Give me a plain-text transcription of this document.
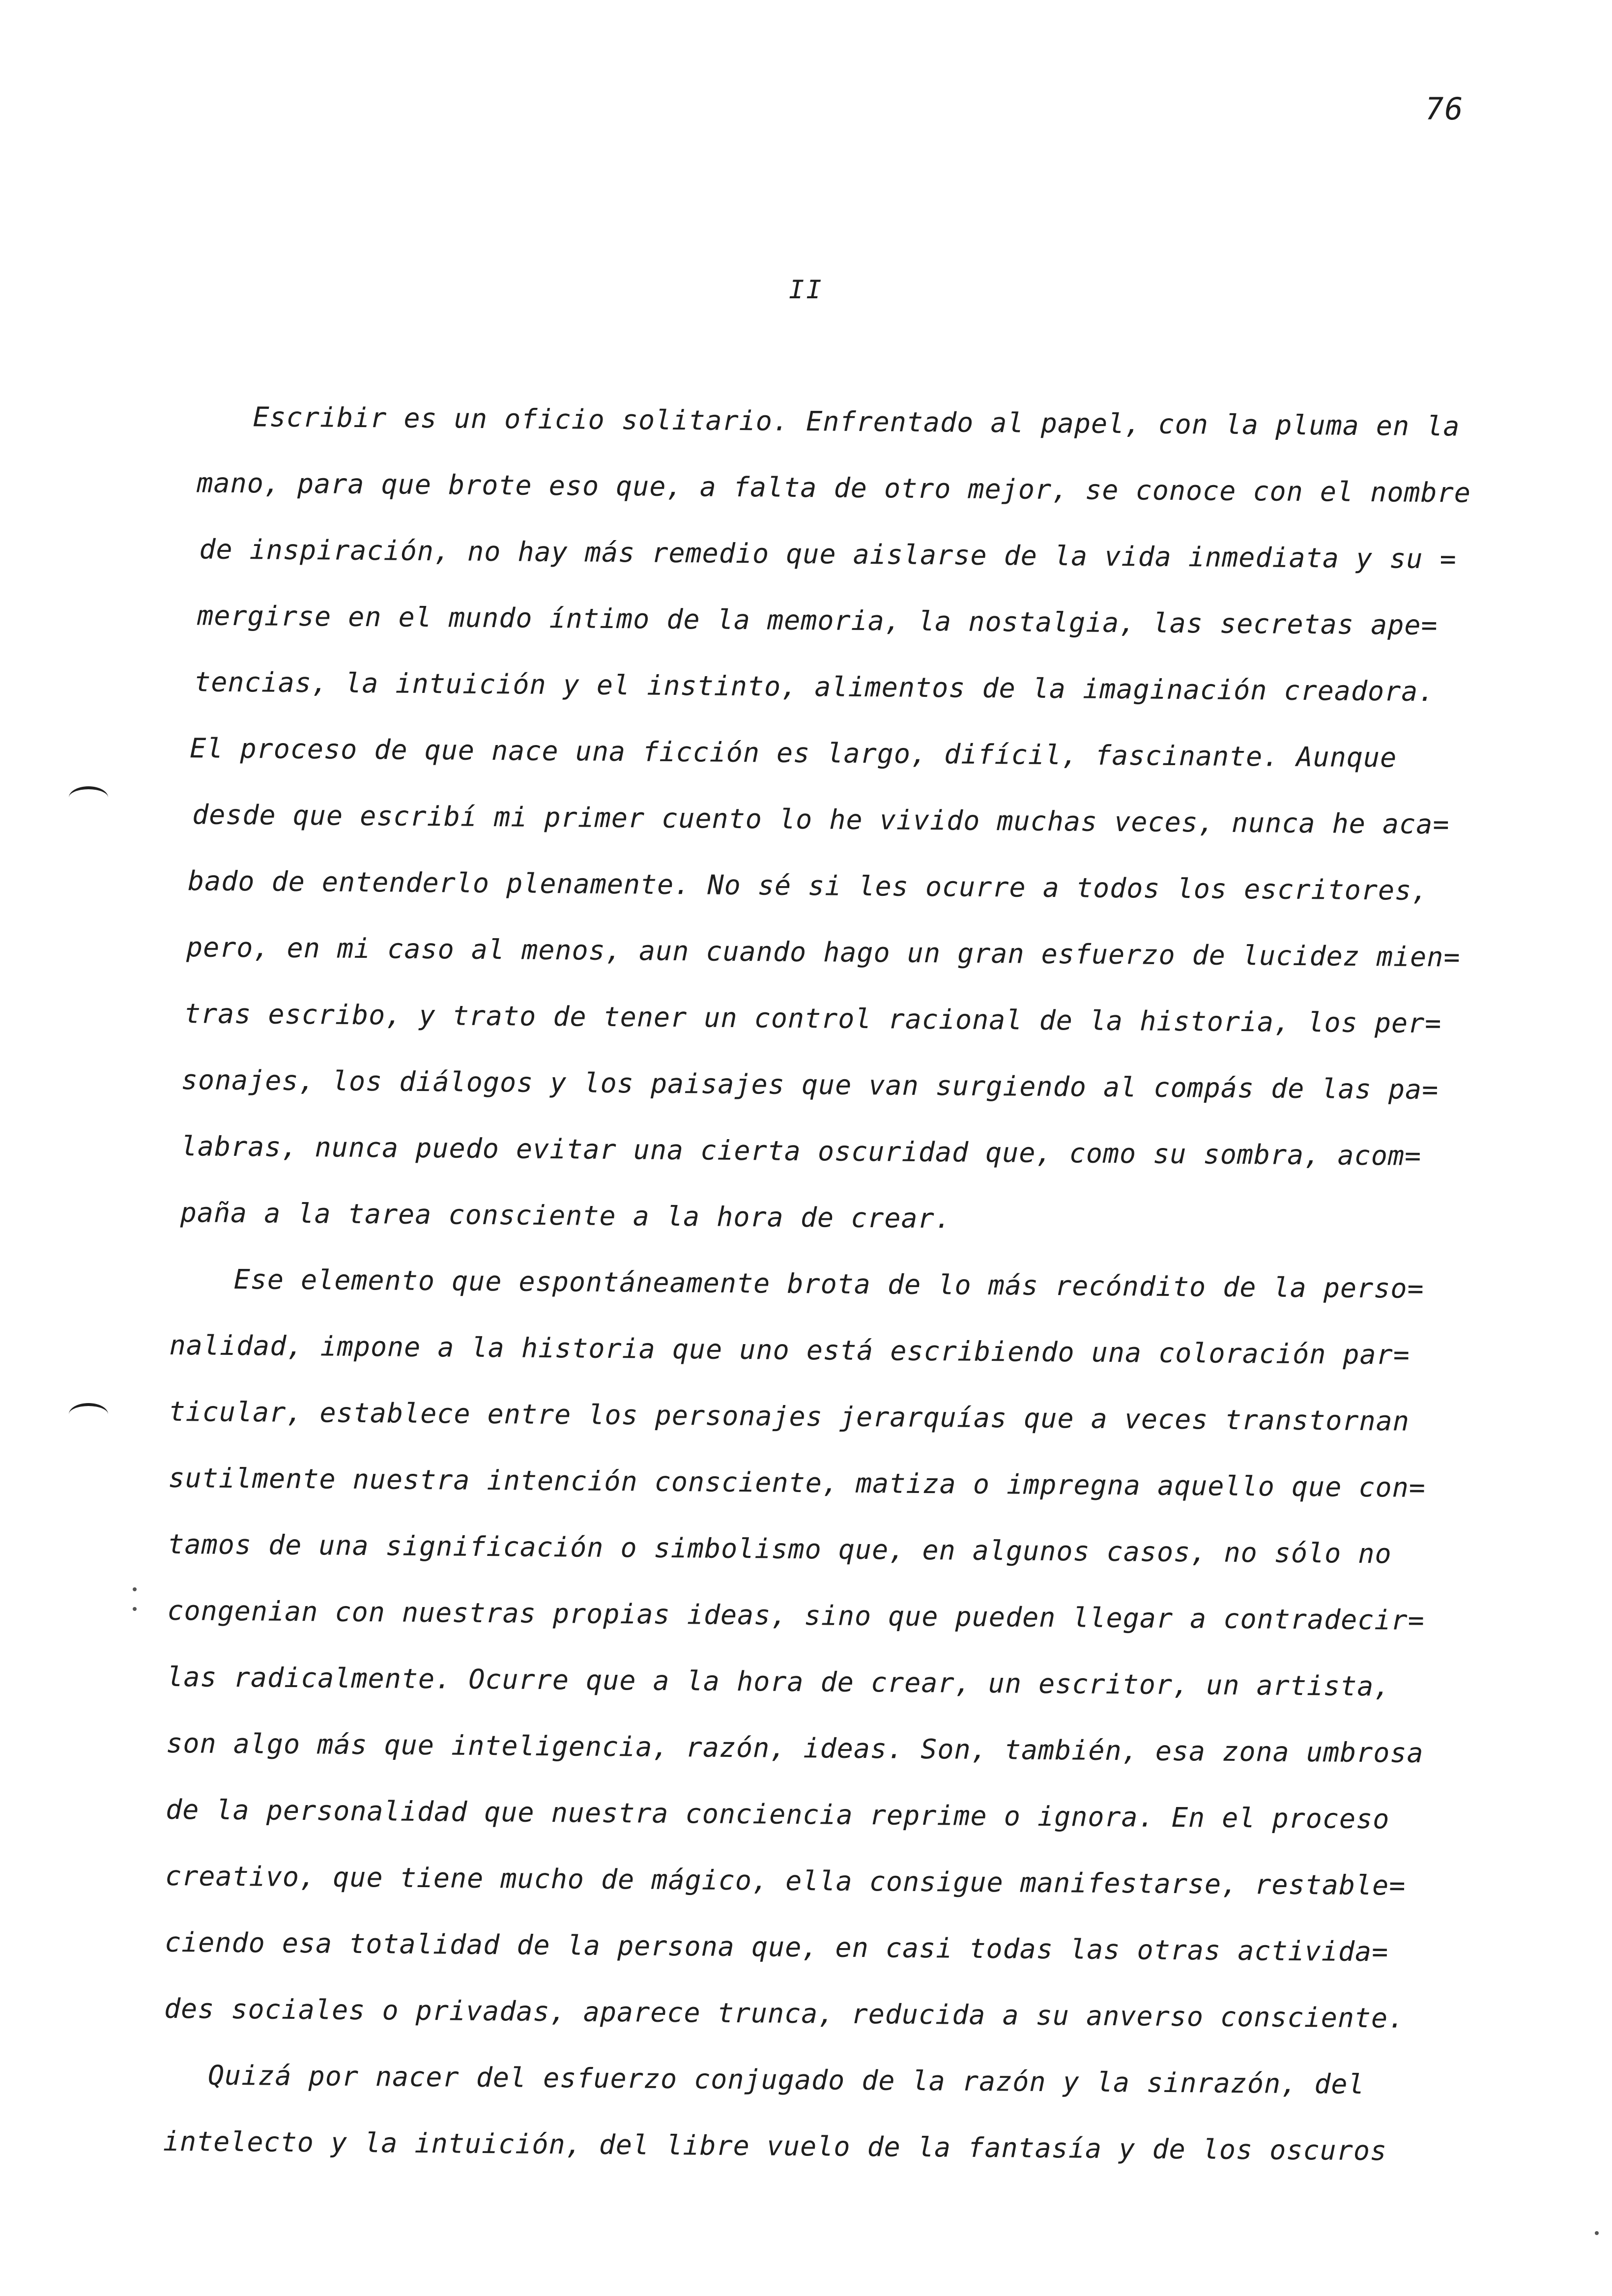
76
II
Escribir es un oficio solitario. Enfrentado al papel, con la pluma en la
mano, para que brote eso que, a falta de otro mejor, se conoce con el nombre
de inspiración, no hay más remedio que aislarse de la vida inmediata y su =
mergirse en el mundo íntimo de la memoria, la nostalgia, las secretas ape=
tencias, la intuición y el instinto, alimentos de la imaginación creadora.
El proceso de que nace una ficción es largo, difícil, fascinante. Aunque
desde que escribí mi primer cuento lo he vivido muchas veces, nunca he aca=
bado de entenderlo plenamente. No sé si les ocurre a todos los escritores,
pero, en mi caso al menos, aun cuando hago un gran esfuerzo de lucidez mien=
tras escribo, y trato de tener un control racional de la historia, los per=
sonajes, los diálogos y los paisajes que van surgiendo al compás de las pa=
labras, nunca puedo evitar una cierta oscuridad que, como su sombra, acom=
paña a la tarea consciente a la hora de crear.
Ese elemento que espontáneamente brota de lo más recóndito de la perso=
nalidad, impone a la historia que uno está escribiendo una coloración par=
ticular, establece entre los personajes jerarquías que a veces transtornan
sutilmente nuestra intención consciente, matiza o impregna aquello que con=
tamos de una significación o simbolismo que, en algunos casos, no sólo no
congenian con nuestras propias ideas, sino que pueden llegar a contradecir=
las radicalmente. Ocurre que a la hora de crear, un escritor, un artista,
son algo más que inteligencia, razón, ideas. Son, también, esa zona umbrosa
de la personalidad que nuestra conciencia reprime o ignora. En el proceso
creativo, que tiene mucho de mágico, ella consigue manifestarse, restable=
ciendo esa totalidad de la persona que, en casi todas las otras activida=
des sociales o privadas, aparece trunca, reducida a su anverso consciente.
Quizá por nacer del esfuerzo conjugado de la razón y la sinrazón, del
intelecto y la intuición, del libre vuelo de la fantasía y de los oscuros
